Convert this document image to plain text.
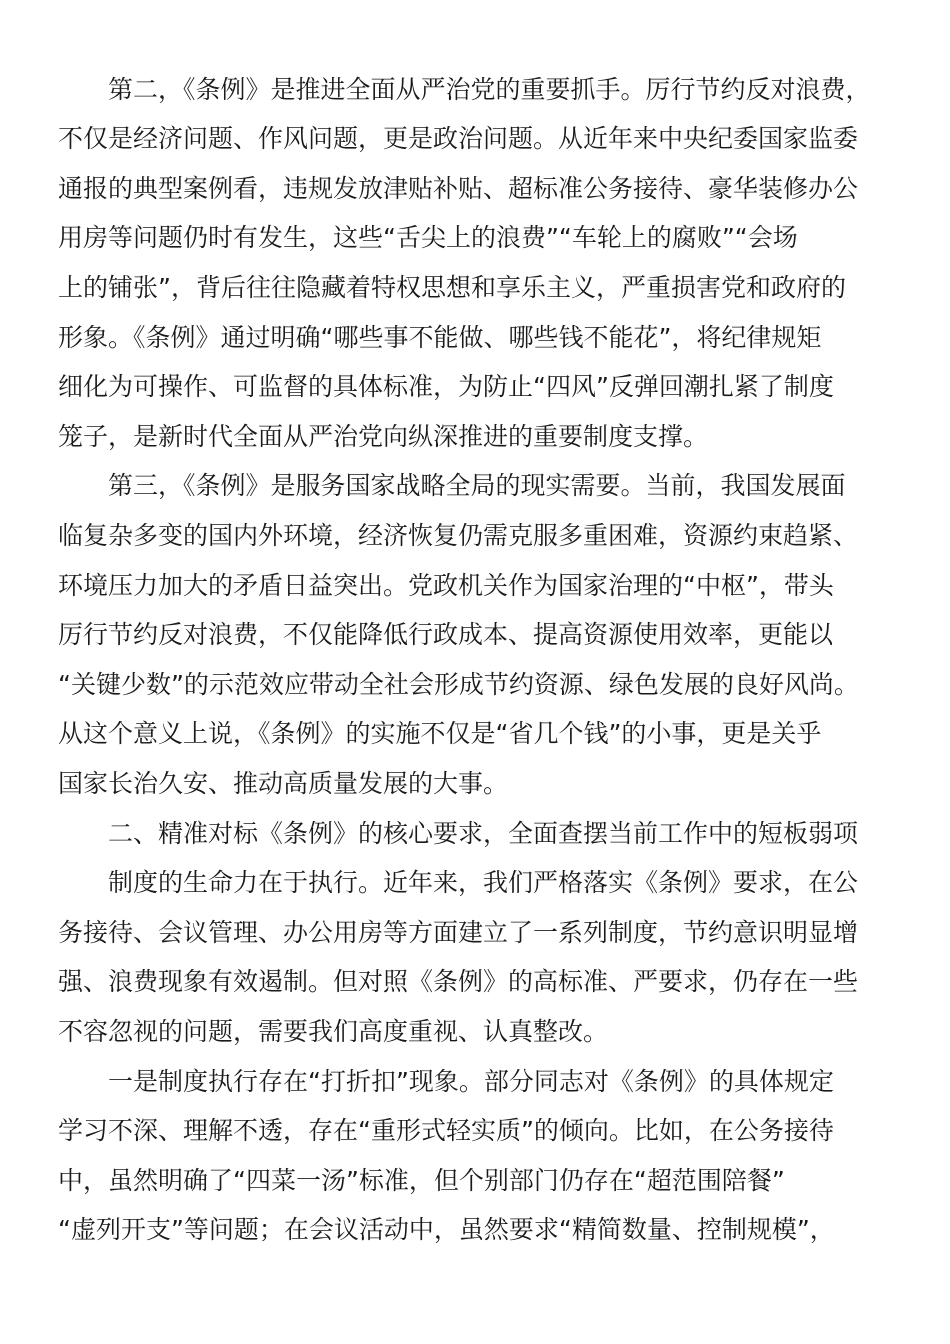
第二，《条例》是推进全面从严治党的重要抓手。厉行节约反对浪费，
不仅是经济问题、作风问题，更是政治问题。从近年来中央纪委国家监委
通报的典型案例看，违规发放津贴补贴、超标准公务接待、豪华装修办公
用房等问题仍时有发生，这些“舌尖上的浪费”“车轮上的腐败”“会场
上的铺张”，背后往往隐藏着特权思想和享乐主义，严重损害党和政府的
形象。《条例》通过明确“哪些事不能做、哪些钱不能花”，将纪律规矩
细化为可操作、可监督的具体标准，为防止“四风”反弹回潮扎紧了制度
笼子，是新时代全面从严治党向纵深推进的重要制度支撑。
第三，《条例》是服务国家战略全局的现实需要。当前，我国发展面
临复杂多变的国内外环境，经济恢复仍需克服多重困难，资源约束趋紧、
环境压力加大的矛盾日益突出。党政机关作为国家治理的“中枢”，带头
厉行节约反对浪费，不仅能降低行政成本、提高资源使用效率，更能以
“关键少数”的示范效应带动全社会形成节约资源、绿色发展的良好风尚。
从这个意义上说，《条例》的实施不仅是“省几个钱”的小事，更是关乎
国家长治久安、推动高质量发展的大事。
二、精准对标《条例》的核心要求，全面查摆当前工作中的短板弱项
制度的生命力在于执行。近年来，我们严格落实《条例》要求，在公
务接待、会议管理、办公用房等方面建立了一系列制度，节约意识明显增
强、浪费现象有效遏制。但对照《条例》的高标准、严要求，仍存在一些
不容忽视的问题，需要我们高度重视、认真整改。
一是制度执行存在“打折扣”现象。部分同志对《条例》的具体规定
学习不深、理解不透，存在“重形式轻实质”的倾向。比如，在公务接待
中，虽然明确了“四菜一汤”标准，但个别部门仍存在“超范围陪餐”
“虚列开支”等问题；在会议活动中，虽然要求“精简数量、控制规模”，
